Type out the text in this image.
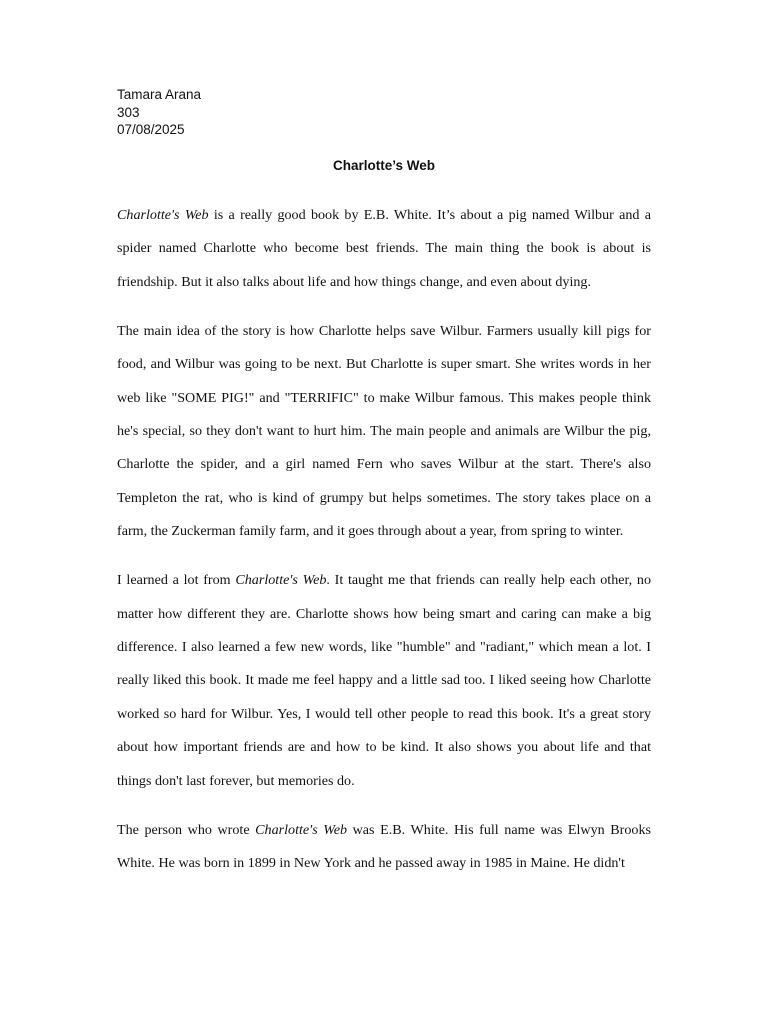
Tamara Arana
303
07/08/2025
Charlotte’s Web

Charlotte's Web is a really good book by E.B. White. It’s about a pig named Wilbur and a spider named Charlotte who become best friends. The main thing the book is about is friendship. But it also talks about life and how things change, and even about dying.

The main idea of the story is how Charlotte helps save Wilbur. Farmers usually kill pigs for food, and Wilbur was going to be next. But Charlotte is super smart. She writes words in her web like "SOME PIG!" and "TERRIFIC" to make Wilbur famous. This makes people think he's special, so they don't want to hurt him. The main people and animals are Wilbur the pig, Charlotte the spider, and a girl named Fern who saves Wilbur at the start. There's also Templeton the rat, who is kind of grumpy but helps sometimes. The story takes place on a farm, the Zuckerman family farm, and it goes through about a year, from spring to winter.

I learned a lot from Charlotte's Web. It taught me that friends can really help each other, no matter how different they are. Charlotte shows how being smart and caring can make a big difference. I also learned a few new words, like "humble" and "radiant," which mean a lot. I really liked this book. It made me feel happy and a little sad too. I liked seeing how Charlotte worked so hard for Wilbur. Yes, I would tell other people to read this book. It's a great story about how important friends are and how to be kind. It also shows you about life and that things don't last forever, but memories do.

The person who wrote Charlotte's Web was E.B. White. His full name was Elwyn Brooks White. He was born in 1899 in New York and he passed away in 1985 in Maine. He didn't
